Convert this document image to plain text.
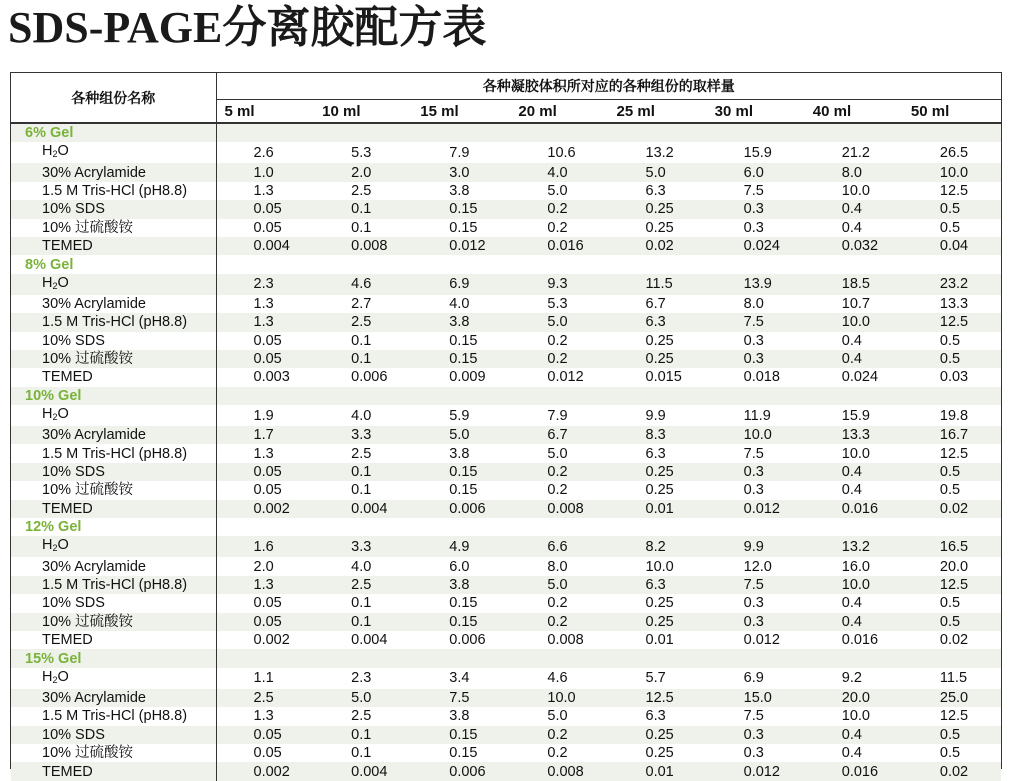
SDS-PAGE分离胶配方表
各种组份名称	各种凝胶体积所对应的各种组份的取样量							
	5 ml	10 ml	15 ml	20 ml	25 ml	30 ml	40 ml	50 ml
6% Gel								
$H_2O$	2.6	5.3	7.9	10.6	13.2	15.9	21.2	26.5
30% Acrylamide	1.0	2.0	3.0	4.0	5.0	6.0	8.0	10.0
1.5 M Tris-HCl (pH8.8)	1.3	2.5	3.8	5.0	6.3	7.5	10.0	12.5
10% SDS	0.05	0.1	0.15	0.2	0.25	0.3	0.4	0.5
10% 过硫酸铵	0.05	0.1	0.15	0.2	0.25	0.3	0.4	0.5
TEMED	0.004	0.008	0.012	0.016	0.02	0.024	0.032	0.04
8% Gel								
$H_2O$	2.3	4.6	6.9	9.3	11.5	13.9	18.5	23.2
30% Acrylamide	1.3	2.7	4.0	5.3	6.7	8.0	10.7	13.3
1.5 M Tris-HCl (pH8.8)	1.3	2.5	3.8	5.0	6.3	7.5	10.0	12.5
10% SDS	0.05	0.1	0.15	0.2	0.25	0.3	0.4	0.5
10% 过硫酸铵	0.05	0.1	0.15	0.2	0.25	0.3	0.4	0.5
TEMED	0.003	0.006	0.009	0.012	0.015	0.018	0.024	0.03
10% Gel								
$H_2O$	1.9	4.0	5.9	7.9	9.9	11.9	15.9	19.8
30% Acrylamide	1.7	3.3	5.0	6.7	8.3	10.0	13.3	16.7
1.5 M Tris-HCl (pH8.8)	1.3	2.5	3.8	5.0	6.3	7.5	10.0	12.5
10% SDS	0.05	0.1	0.15	0.2	0.25	0.3	0.4	0.5
10% 过硫酸铵	0.05	0.1	0.15	0.2	0.25	0.3	0.4	0.5
TEMED	0.002	0.004	0.006	0.008	0.01	0.012	0.016	0.02
12% Gel								
$H_2O$	1.6	3.3	4.9	6.6	8.2	9.9	13.2	16.5
30% Acrylamide	2.0	4.0	6.0	8.0	10.0	12.0	16.0	20.0
1.5 M Tris-HCl (pH8.8)	1.3	2.5	3.8	5.0	6.3	7.5	10.0	12.5
10% SDS	0.05	0.1	0.15	0.2	0.25	0.3	0.4	0.5
10% 过硫酸铵	0.05	0.1	0.15	0.2	0.25	0.3	0.4	0.5
TEMED	0.002	0.004	0.006	0.008	0.01	0.012	0.016	0.02
15% Gel								
$H_2O$	1.1	2.3	3.4	4.6	5.7	6.9	9.2	11.5
30% Acrylamide	2.5	5.0	7.5	10.0	12.5	15.0	20.0	25.0
1.5 M Tris-HCl (pH8.8)	1.3	2.5	3.8	5.0	6.3	7.5	10.0	12.5
10% SDS	0.05	0.1	0.15	0.2	0.25	0.3	0.4	0.5
10% 过硫酸铵	0.05	0.1	0.15	0.2	0.25	0.3	0.4	0.5
TEMED	0.002	0.004	0.006	0.008	0.01	0.012	0.016	0.02
